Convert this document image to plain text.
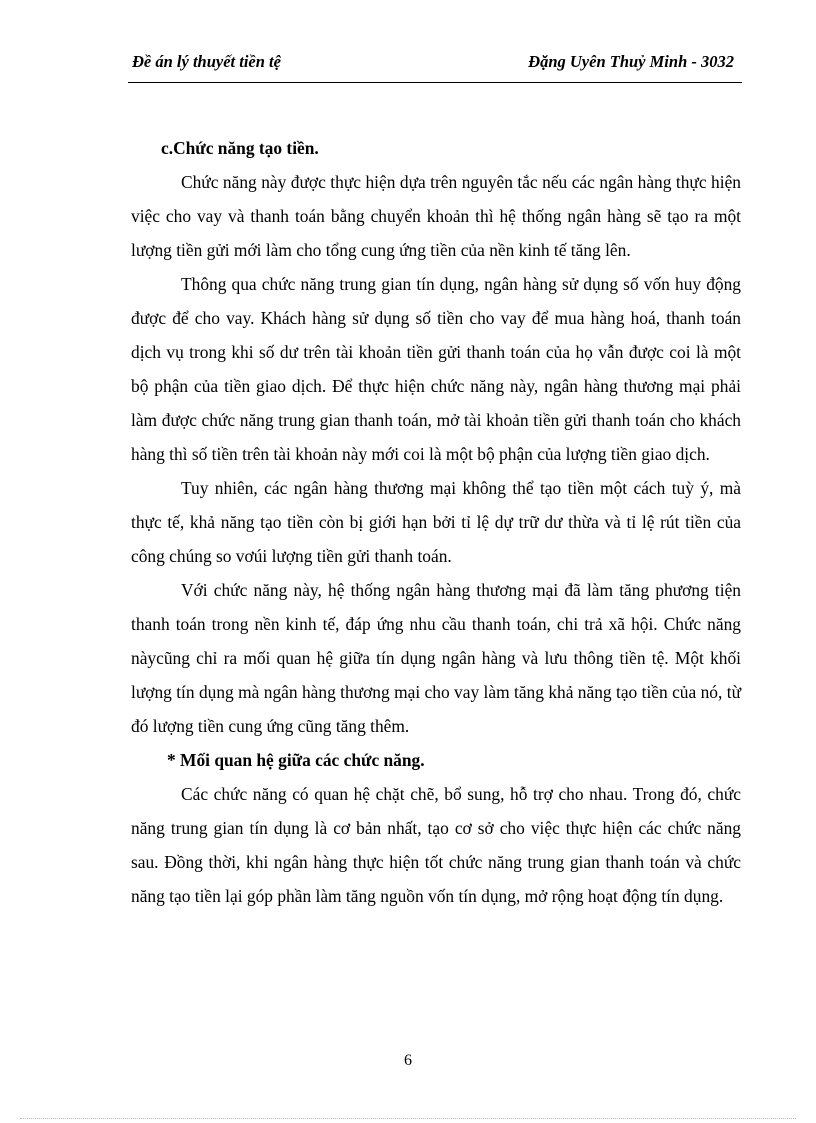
Đề án lý thuyết tiền tệ	Đặng Uyên Thuỷ Minh - 3032

c.Chức năng tạo tiền.

Chức năng này được thực hiện dựa trên nguyên tắc nếu các ngân hàng thực hiện việc cho vay và thanh toán bằng chuyển khoản thì hệ thống ngân hàng sẽ tạo ra một lượng tiền gửi mới làm cho tổng cung ứng tiền của nền kinh tế tăng lên.

Thông qua chức năng trung gian tín dụng, ngân hàng sử dụng số vốn huy động được để cho vay. Khách hàng sử dụng số tiền cho vay để mua hàng hoá, thanh toán dịch vụ trong khi số dư trên tài khoản tiền gửi thanh toán của họ vẫn được coi là một bộ phận của tiền giao dịch. Để thực hiện chức năng này, ngân hàng thương mại phải làm được chức năng trung gian thanh toán, mở tài khoản tiền gửi thanh toán cho khách hàng thì số tiền trên tài khoản này mới coi là một bộ phận của lượng tiền giao dịch.

Tuy nhiên, các ngân hàng thương mại không thể tạo tiền một cách tuỳ ý, mà thực tế, khả năng tạo tiền còn bị giới hạn bởi tỉ lệ dự trữ dư thừa và tỉ lệ rút tiền của công chúng so vơúi lượng tiền gửi thanh toán.

Với chức năng này, hệ thống ngân hàng thương mại đã làm tăng phương tiện thanh toán trong nền kinh tế, đáp ứng nhu cầu thanh toán, chi trả xã hội. Chức năng nàycũng chỉ ra mối quan hệ giữa tín dụng ngân hàng và lưu thông tiền tệ. Một khối lượng tín dụng mà ngân hàng thương mại cho vay làm tăng khả năng tạo tiền của nó, từ đó lượng tiền cung ứng cũng tăng thêm.

* Mối quan hệ giữa các chức năng.

Các chức năng có quan hệ chặt chẽ, bổ sung, hỗ trợ cho nhau. Trong đó, chức năng trung gian tín dụng là cơ bản nhất, tạo cơ sở cho việc thực hiện các chức năng sau. Đồng thời, khi ngân hàng thực hiện tốt chức năng trung gian thanh toán và chức năng tạo tiền lại góp phần làm tăng nguồn vốn tín dụng, mở rộng hoạt động tín dụng.

6
